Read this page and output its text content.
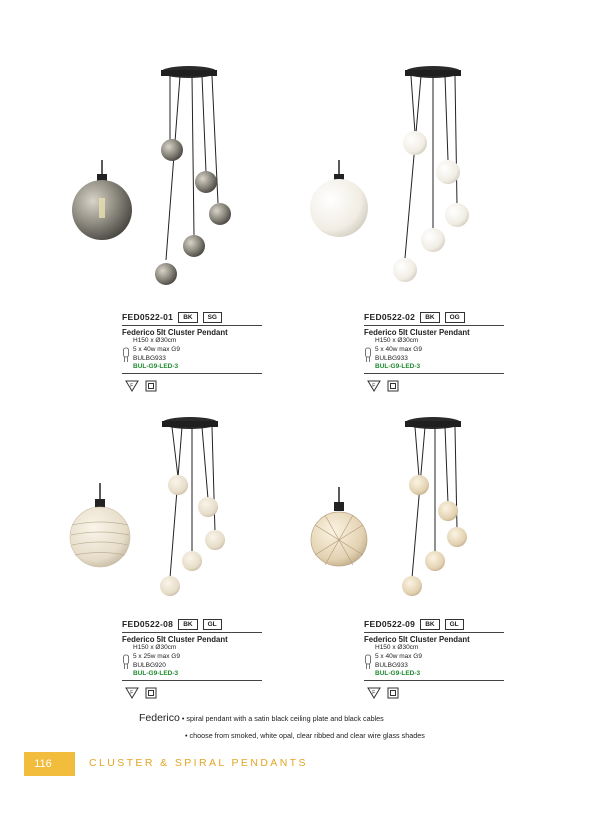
FED0522-01	BK	SG
Federico 5lt Cluster Pendant
H150 x Ø30cm
5 x 40w max G9
BULBG933
BUL-G9-LED-3
F
FED0522-02	BK	OG
Federico 5lt Cluster Pendant
H150 x Ø30cm
5 x 40w max G9
BULBG933
BUL-G9-LED-3
F
FED0522-08	BK	GL
Federico 5lt Cluster Pendant
H150 x Ø30cm
5 x 25w max G9
BULBG920
BUL-G9-LED-3
F
FED0522-09	BK	GL
Federico 5lt Cluster Pendant
H150 x Ø30cm
5 x 40w max G9
BULBG933
BUL-G9-LED-3
F
Federico • spiral pendant with a satin black ceiling plate and black cables
• choose from smoked, white opal, clear ribbed and clear wire glass shades
116	CLUSTER & SPIRAL PENDANTS
